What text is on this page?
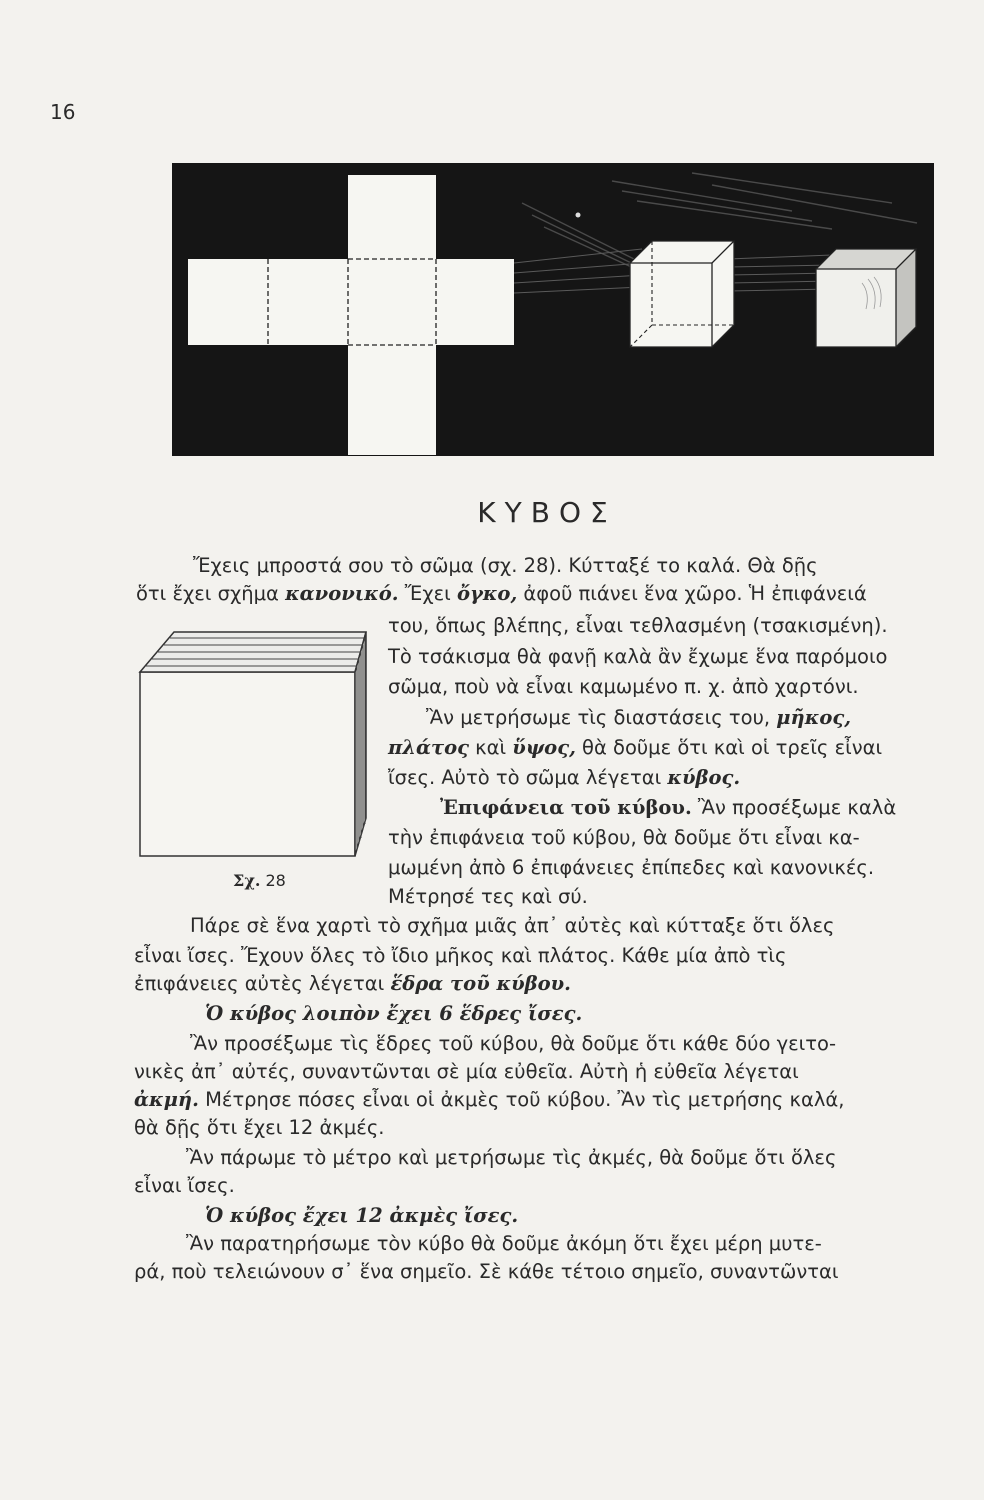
16
ΚΥΒΟΣ
Σχ. 28
Ἔχεις μπροστά σου τὸ σῶμα (σχ. 28). Κύτταξέ το καλά. Θὰ δῇς
ὅτι ἔχει σχῆμα κανονικό. Ἔχει ὄγκο, ἀφοῦ πιάνει ἕνα χῶρο. Ἡ ἐπιφάνειά
του, ὅπως βλέπης, εἶναι τεθλασμένη (τσακισμένη).
Τὸ τσάκισμα θὰ φανῇ καλὰ ἂν ἔχωμε ἕνα παρόμοιο
σῶμα, ποὺ νὰ εἶναι καμωμένο π. χ. ἀπὸ χαρτόνι.
Ἂν μετρήσωμε τὶς διαστάσεις του, μῆκος,
πλάτος καὶ ὕψος, θὰ δοῦμε ὅτι καὶ οἱ τρεῖς εἶναι
ἴσες. Αὐτὸ τὸ σῶμα λέγεται κύβος.
Ἐπιφάνεια τοῦ κύβου. Ἂν προσέξωμε καλὰ
τὴν ἐπιφάνεια τοῦ κύβου, θὰ δοῦμε ὅτι εἶναι κα-
μωμένη ἀπὸ 6 ἐπιφάνειες ἐπίπεδες καὶ κανονικές.
Μέτρησέ τες καὶ σύ.
Πάρε σὲ ἕνα χαρτὶ τὸ σχῆμα μιᾶς ἀπ᾿ αὐτὲς καὶ κύτταξε ὅτι ὅλες
εἶναι ἴσες. Ἔχουν ὅλες τὸ ἴδιο μῆκος καὶ πλάτος. Κάθε μία ἀπὸ τὶς
ἐπιφάνειες αὐτὲς λέγεται ἕδρα τοῦ κύβου.
Ὁ κύβος λοιπὸν ἔχει 6 ἕδρες ἴσες.
Ἂν προσέξωμε τὶς ἕδρες τοῦ κύβου, θὰ δοῦμε ὅτι κάθε δύο γειτο-
νικὲς ἀπ᾿ αὐτές, συναντῶνται σὲ μία εὐθεῖα. Αὐτὴ ἡ εὐθεῖα λέγεται
ἀκμή. Μέτρησε πόσες εἶναι οἱ ἀκμὲς τοῦ κύβου. Ἂν τὶς μετρήσης καλά,
θὰ δῇς ὅτι ἔχει 12 ἀκμές.
Ἂν πάρωμε τὸ μέτρο καὶ μετρήσωμε τὶς ἀκμές, θὰ δοῦμε ὅτι ὅλες
εἶναι ἴσες.
Ὁ κύβος ἔχει 12 ἀκμὲς ἴσες.
Ἂν παρατηρήσωμε τὸν κύβο θὰ δοῦμε ἀκόμη ὅτι ἔχει μέρη μυτε-
ρά, ποὺ τελειώνουν σ᾿ ἕνα σημεῖο. Σὲ κάθε τέτοιο σημεῖο, συναντῶνται
